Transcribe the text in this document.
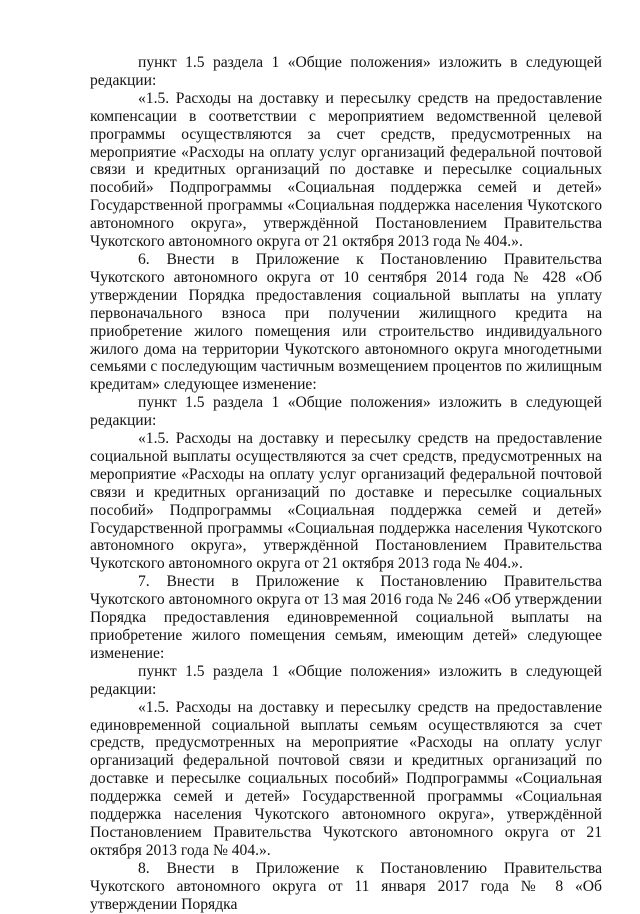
пункт 1.5 раздела 1 «Общие положения» изложить в следующей редакции:

«1.5. Расходы на доставку и пересылку средств на предоставление компенсации в соответствии с мероприятием ведомственной целевой программы осуществляются за счет средств, предусмотренных на мероприятие «Расходы на оплату услуг организаций федеральной почтовой связи и кредитных организаций по доставке и пересылке социальных пособий» Подпрограммы «Социальная поддержка семей и детей» Государственной программы «Социальная поддержка населения Чукотского автономного округа», утверждённой Постановлением Правительства Чукотского автономного округа от 21 октября 2013 года № 404.».

6. Внести в Приложение к Постановлению Правительства Чукотского автономного округа от 10 сентября 2014 года № 428 «Об утверждении Порядка предоставления социальной выплаты на уплату первоначального взноса при получении жилищного кредита на приобретение жилого помещения или строительство индивидуального жилого дома на территории Чукотского автономного округа многодетными семьями с последующим частичным возмещением процентов по жилищным кредитам» следующее изменение:

пункт 1.5 раздела 1 «Общие положения» изложить в следующей редакции:

«1.5. Расходы на доставку и пересылку средств на предоставление социальной выплаты осуществляются за счет средств, предусмотренных на мероприятие «Расходы на оплату услуг организаций федеральной почтовой связи и кредитных организаций по доставке и пересылке социальных пособий» Подпрограммы «Социальная поддержка семей и детей» Государственной программы «Социальная поддержка населения Чукотского автономного округа», утверждённой Постановлением Правительства Чукотского автономного округа от 21 октября 2013 года № 404.».

7. Внести в Приложение к Постановлению Правительства Чукотского автономного округа от 13 мая 2016 года № 246 «Об утверждении Порядка предоставления единовременной социальной выплаты на приобретение жилого помещения семьям, имеющим детей» следующее изменение:

пункт 1.5 раздела 1 «Общие положения» изложить в следующей редакции:

«1.5. Расходы на доставку и пересылку средств на предоставление единовременной социальной выплаты семьям осуществляются за счет средств, предусмотренных на мероприятие «Расходы на оплату услуг организаций федеральной почтовой связи и кредитных организаций по доставке и пересылке социальных пособий» Подпрограммы «Социальная поддержка семей и детей» Государственной программы «Социальная поддержка населения Чукотского автономного округа», утверждённой Постановлением Правительства Чукотского автономного округа от 21 октября 2013 года № 404.».

8. Внести в Приложение к Постановлению Правительства Чукотского автономного округа от 11 января 2017 года № 8 «Об утверждении Порядка
